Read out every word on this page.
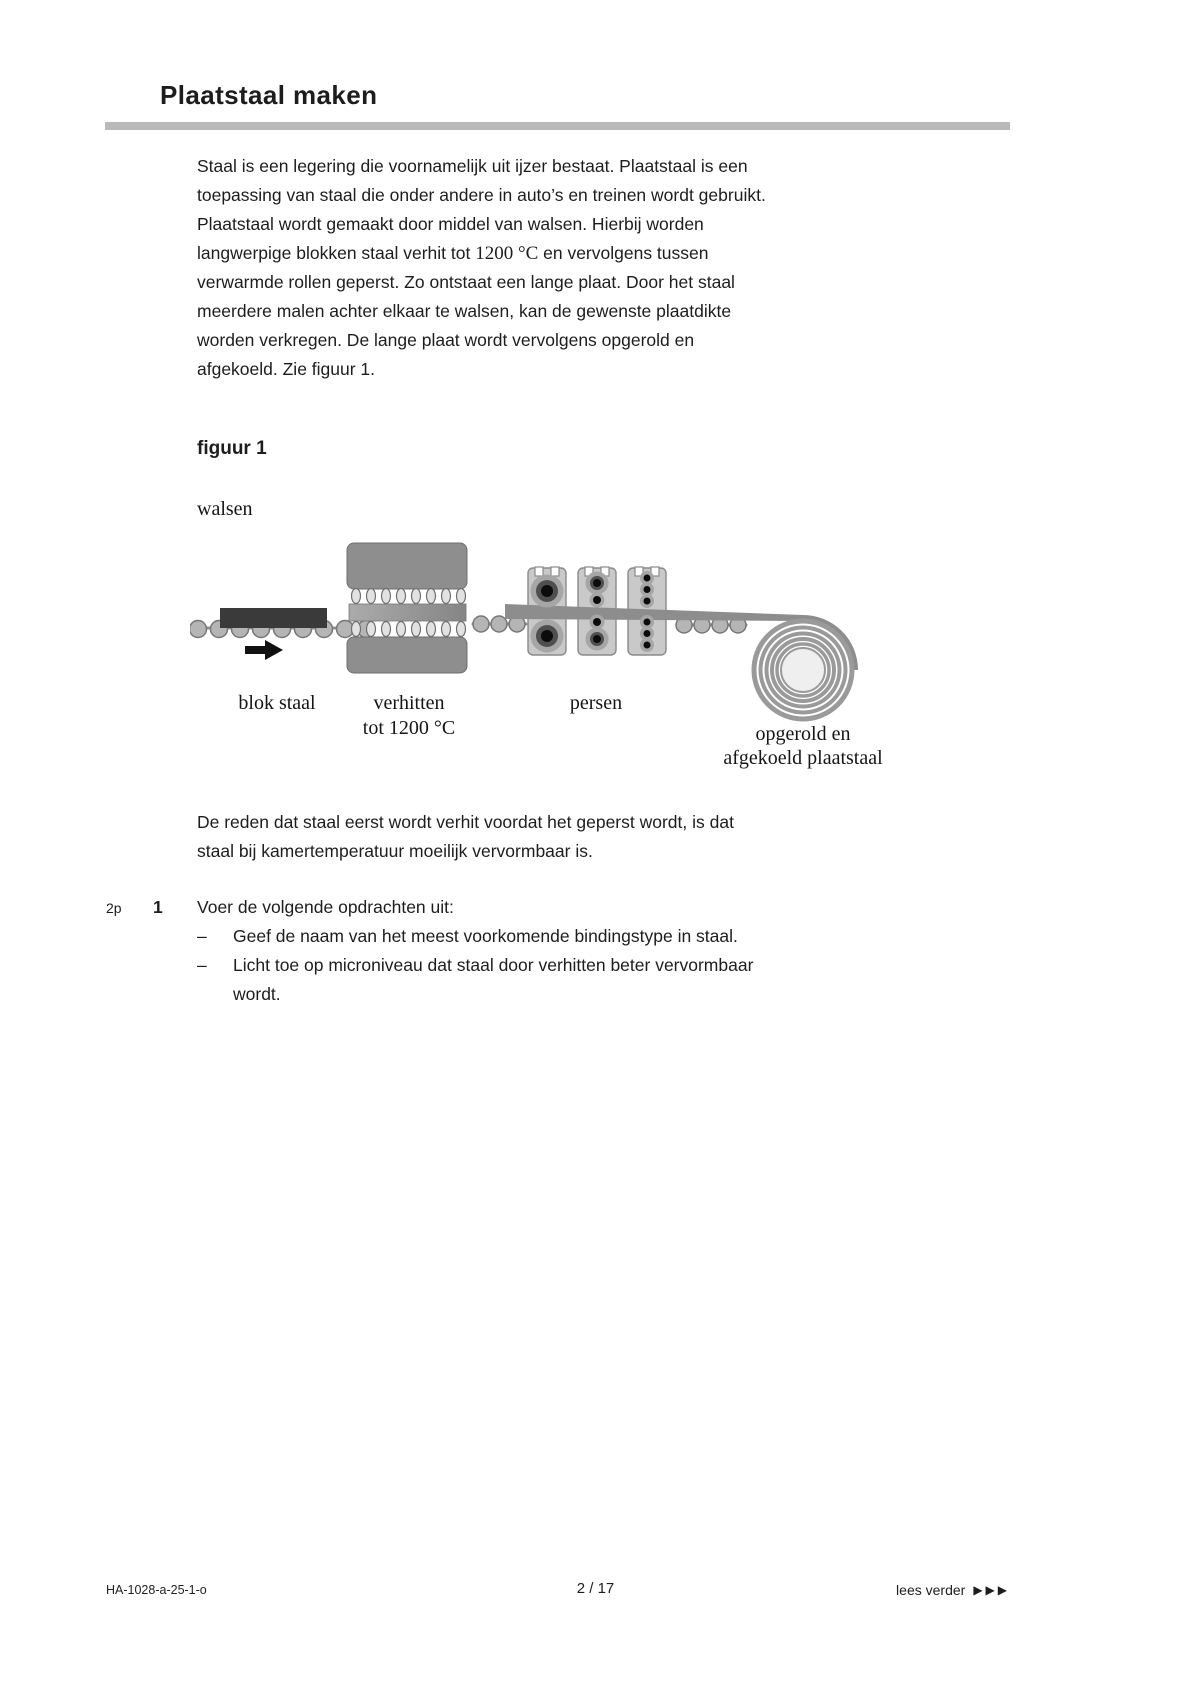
Plaatstaal maken
Staal is een legering die voornamelijk uit ijzer bestaat. Plaatstaal is een
toepassing van staal die onder andere in auto’s en treinen wordt gebruikt.
Plaatstaal wordt gemaakt door middel van walsen. Hierbij worden
langwerpige blokken staal verhit tot 1200 °C en vervolgens tussen
verwarmde rollen geperst. Zo ontstaat een lange plaat. Door het staal
meerdere malen achter elkaar te walsen, kan de gewenste plaatdikte
worden verkregen. De lange plaat wordt vervolgens opgerold en
afgekoeld. Zie figuur 1.
figuur 1
walsen
blok staal	verhitten
tot 1200 °C
persen
opgerold en
afgekoeld plaatstaal
De reden dat staal eerst wordt verhit voordat het geperst wordt, is dat
staal bij kamertemperatuur moeilijk vervormbaar is.
2p 1 Voer de volgende opdrachten uit:
– Geef de naam van het meest voorkomende bindingstype in staal.
– Licht toe op microniveau dat staal door verhitten beter vervormbaar
wordt.
HA-1028-a-25-1-o	2 / 17	lees verder ▶▶▶
